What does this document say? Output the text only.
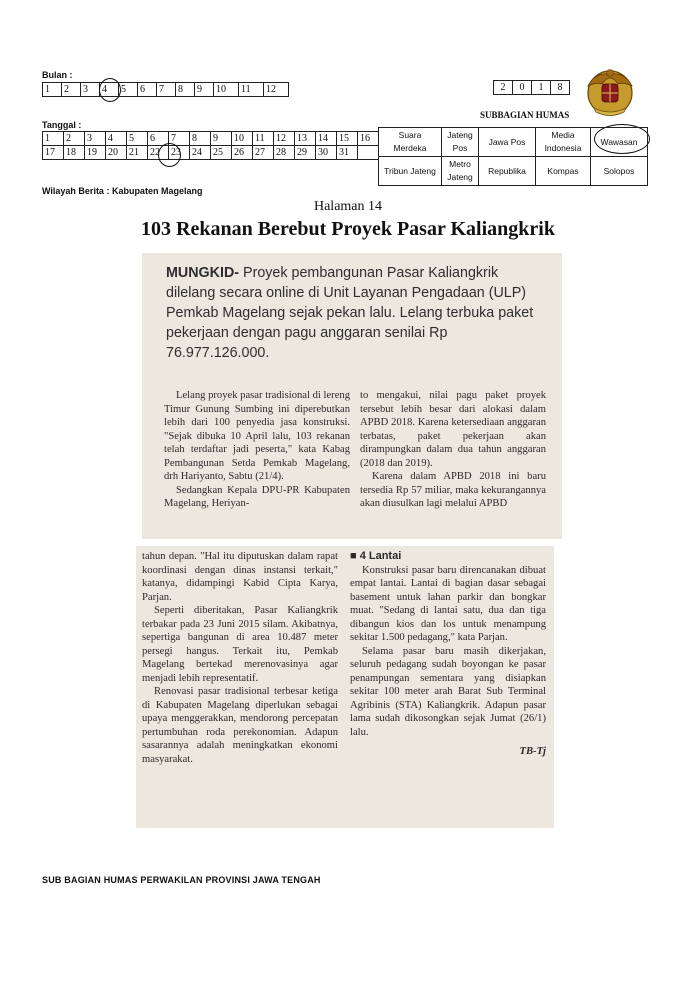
Bulan :
1	2	3	4	5	6	7	8	9	10	11	12
Tanggal :
1	2	3	4	5	6	7	8	9	10	11	12	13	14	15	16
17	18	19	20	21	22	23	24	25	26	27	28	29	30	31	
2	0	1	8
SUBBAGIAN HUMAS
Suara Merdeka	Jateng Pos	Jawa Pos	Media Indonesia	Wawasan
Tribun Jateng	Metro Jateng	Republika	Kompas	Solopos
Wilayah Berita : Kabupaten Magelang
Halaman 14
103 Rekanan Berebut Proyek Pasar Kaliangkrik
MUNGKID- Proyek pembangunan Pasar Kaliangkrik dilelang secara online di Unit Layanan Pengadaan (ULP) Pemkab Magelang sejak pekan lalu. Lelang terbuka paket pekerjaan dengan pagu anggaran senilai Rp 76.977.126.000.

Lelang proyek pasar tradisional di lereng Timur Gunung Sumbing ini diperebutkan lebih dari 100 penyedia jasa konstruksi. "Sejak dibuka 10 April lalu, 103 rekanan telah terdaftar jadi peserta," kata Kabag Pembangunan Setda Pemkab Magelang, drh Hariyanto, Sabtu (21/4).

Sedangkan Kepala DPU-PR Kabupaten Magelang, Heriyan-

to mengakui, nilai pagu paket proyek tersebut lebih besar dari alokasi dalam APBD 2018. Karena ketersediaan anggaran terbatas, paket pekerjaan akan dirampungkan dalam dua tahun anggaran (2018 dan 2019).

Karena dalam APBD 2018 ini baru tersedia Rp 57 miliar, maka kekurangannya akan diusulkan lagi melalui APBD

tahun depan. "Hal itu diputuskan dalam rapat koordinasi dengan dinas instansi terkait," katanya, didampingi Kabid Cipta Karya, Parjan.

Seperti diberitakan, Pasar Kaliangkrik terbakar pada 23 Juni 2015 silam. Akibatnya, sepertiga bangunan di area 10.487 meter persegi hangus. Terkait itu, Pemkab Magelang bertekad merenovasinya agar menjadi lebih representatif.

Renovasi pasar tradisional terbesar ketiga di Kabupaten Magelang diperlukan sebagai upaya menggerakkan, mendorong percepatan pertumbuhan roda perekonomian. Adapun sasarannya adalah meningkatkan ekonomi masyarakat.

■ 4 Lantai

Konstruksi pasar baru direncanakan dibuat empat lantai. Lantai di bagian dasar sebagai basement untuk lahan parkir dan bongkar muat. "Sedang di lantai satu, dua dan tiga dibangun kios dan los untuk menampung sekitar 1.500 pedagang," kata Parjan.

Selama pasar baru masih dikerjakan, seluruh pedagang sudah boyongan ke pasar penampungan sementara yang disiapkan sekitar 100 meter arah Barat Sub Terminal Agribinis (STA) Kaliangkrik. Adapun pasar lama sudah dikosongkan sejak Jumat (26/1) lalu.

TB-Tj
SUB BAGIAN HUMAS PERWAKILAN PROVINSI JAWA TENGAH
